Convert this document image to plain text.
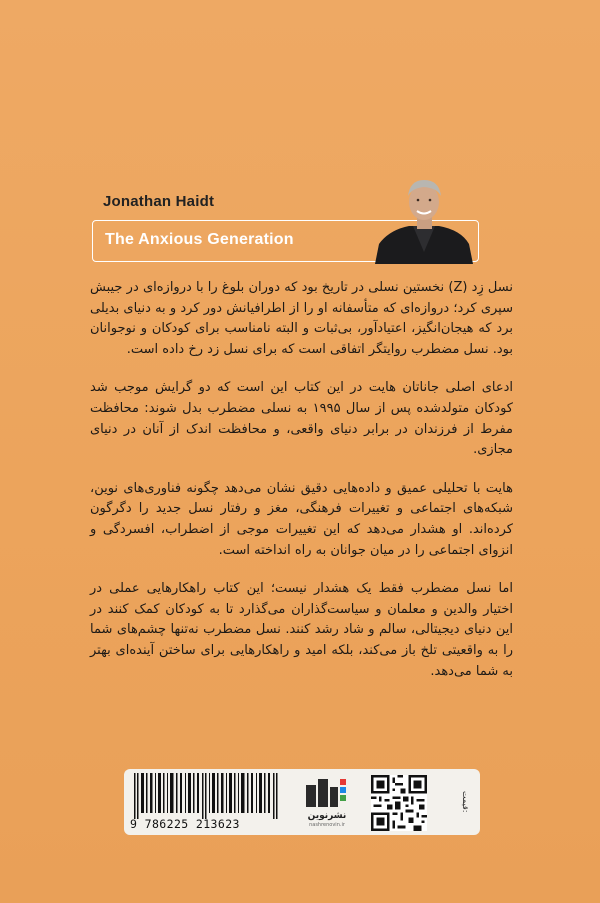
Jonathan Haidt
The Anxious Generation

نسل زِد (Z) نخستین نسلی در تاریخ بود که دوران بلوغ را با دروازه‌ای در جیبش سپری کرد؛ دروازه‌ای که متأسفانه او را از اطرافیانش دور کرد و به دنیای بدیلی برد که هیجان‌انگیز، اعتیادآور، بی‌ثبات و البته نامناسب برای کودکان و نوجوانان بود. نسل مضطرب روایتگر اتفاقی است که برای نسل زد رخ داده است.

ادعای اصلی جاناتان هایت در این کتاب این است که دو گرایش موجب شد کودکان متولدشده پس از سال ۱۹۹۵ به نسلی مضطرب بدل شوند: محافظت مفرط از فرزندان در برابر دنیای واقعی، و محافظت اندک از آنان در دنیای مجازی.

هایت با تحلیلی عمیق و داده‌هایی دقیق نشان می‌دهد چگونه فناوری‌های نوین، شبکه‌های اجتماعی و تغییرات فرهنگی، مغز و رفتار نسل جدید را دگرگون کرده‌اند. او هشدار می‌دهد که این تغییرات موجی از اضطراب، افسردگی و انزوای اجتماعی را در میان جوانان به راه انداخته است.

اما نسل مضطرب فقط یک هشدار نیست؛ این کتاب راهکارهایی عملی در اختیار والدین و معلمان و سیاست‌گذاران می‌گذارد تا به کودکان کمک کنند در این دنیای دیجیتالی، سالم و شاد رشد کنند. نسل مضطرب نه‌تنها چشم‌های شما را به واقعیتی تلخ باز می‌کند، بلکه امید و راهکارهایی برای ساختن آینده‌ای بهتر به شما می‌دهد.

9 786225 213623
نشرنوین
nashrenovin.ir
قیمت:
